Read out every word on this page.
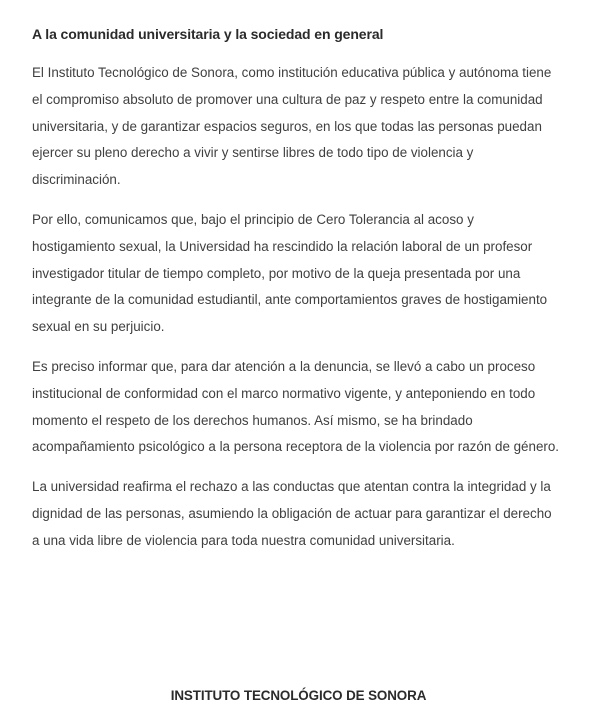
A la comunidad universitaria y la sociedad en general

El Instituto Tecnológico de Sonora, como institución educativa pública y autónoma tiene el compromiso absoluto de promover una cultura de paz y respeto entre la comunidad universitaria, y de garantizar espacios seguros, en los que todas las personas puedan ejercer su pleno derecho a vivir y sentirse libres de todo tipo de violencia y discriminación.

Por ello, comunicamos que, bajo el principio de Cero Tolerancia al acoso y hostigamiento sexual, la Universidad ha rescindido la relación laboral de un profesor investigador titular de tiempo completo, por motivo de la queja presentada por una integrante de la comunidad estudiantil, ante comportamientos graves de hostigamiento sexual en su perjuicio.

Es preciso informar que, para dar atención a la denuncia, se llevó a cabo un proceso institucional de conformidad con el marco normativo vigente, y anteponiendo en todo momento el respeto de los derechos humanos. Así mismo, se ha brindado acompañamiento psicológico a la persona receptora de la violencia por razón de género.

La universidad reafirma el rechazo a las conductas que atentan contra la integridad y la dignidad de las personas, asumiendo la obligación de actuar para garantizar el derecho a una vida libre de violencia para toda nuestra comunidad universitaria.

INSTITUTO TECNOLÓGICO DE SONORA
